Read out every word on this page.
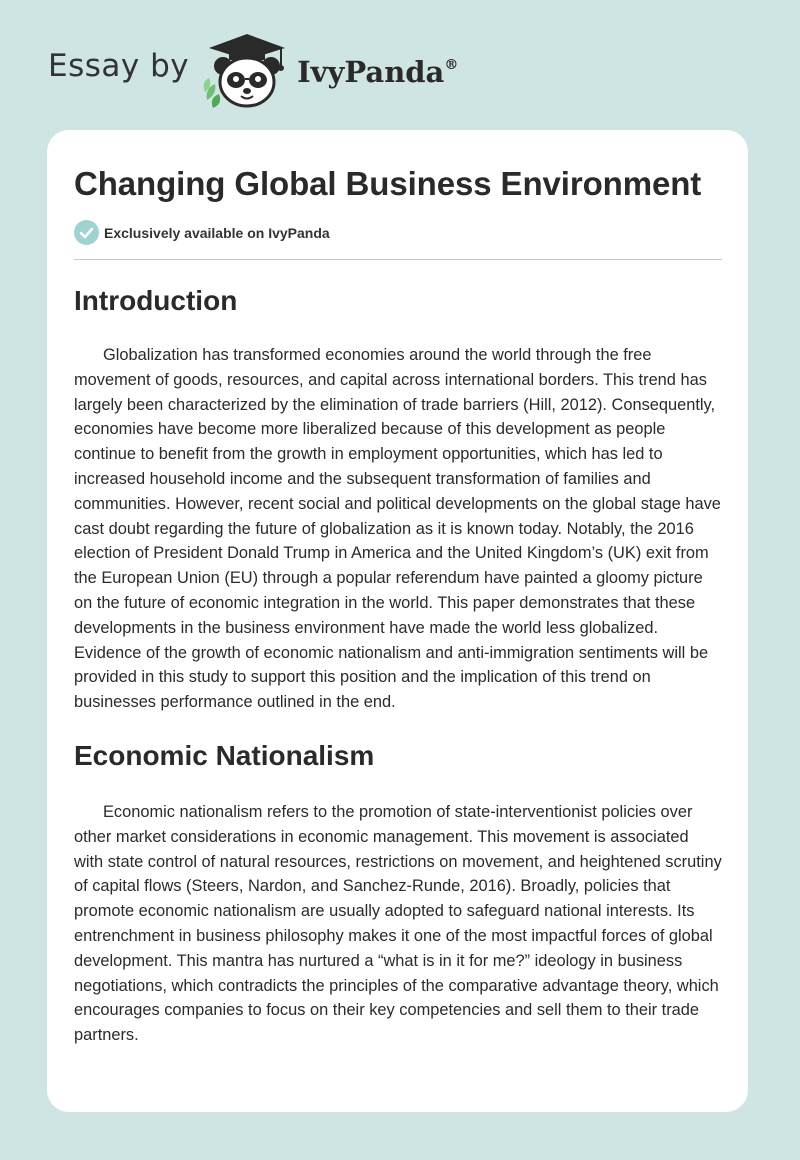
Essay by	IvyPanda®
Changing Global Business Environment
Exclusively available on IvyPanda
Introduction

Globalization has transformed economies around the world through the free movement of goods, resources, and capital across international borders. This trend has largely been characterized by the elimination of trade barriers (Hill, 2012). Consequently, economies have become more liberalized because of this development as people continue to benefit from the growth in employment opportunities, which has led to increased household income and the subsequent transformation of families and communities. However, recent social and political developments on the global stage have cast doubt regarding the future of globalization as it is known today. Notably, the 2016 election of President Donald Trump in America and the United Kingdom’s (UK) exit from the European Union (EU) through a popular referendum have painted a gloomy picture on the future of economic integration in the world. This paper demonstrates that these developments in the business environment have made the world less globalized. Evidence of the growth of economic nationalism and anti-immigration sentiments will be provided in this study to support this position and the implication of this trend on businesses performance outlined in the end.

Economic Nationalism

Economic nationalism refers to the promotion of state-interventionist policies over other market considerations in economic management. This movement is associated with state control of natural resources, restrictions on movement, and heightened scrutiny of capital flows (Steers, Nardon, and Sanchez-Runde, 2016). Broadly, policies that promote economic nationalism are usually adopted to safeguard national interests. Its entrenchment in business philosophy makes it one of the most impactful forces of global development. This mantra has nurtured a “what is in it for me?” ideology in business negotiations, which contradicts the principles of the comparative advantage theory, which encourages companies to focus on their key competencies and sell them to their trade partners.
